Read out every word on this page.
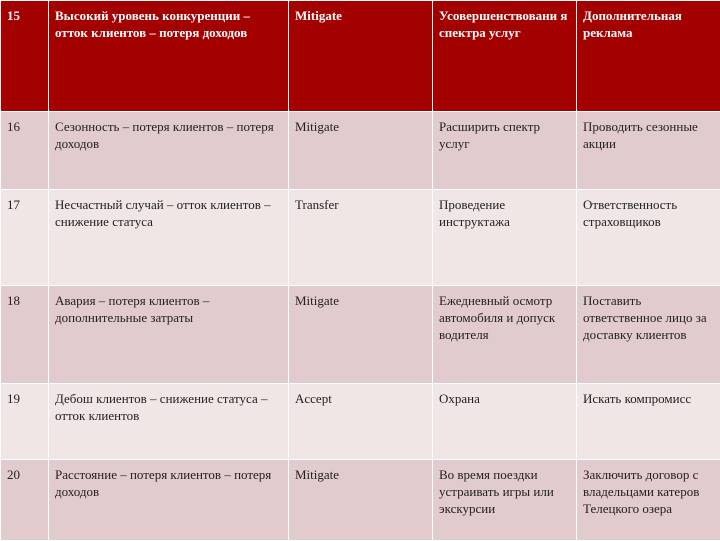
15	Высокий уровень конкуренции – отток клиентов – потеря доходов	Mitigate	Усовершенствовани я спектра услуг	Дополнительная реклама
16	Сезонность – потеря клиентов – потеря доходов	Mitigate	Расширить спектр услуг	Проводить сезонные акции
17	Несчастный случай – отток клиентов – снижение статуса	Transfer	Проведение инструктажа	Ответственность страховщиков
18	Авария – потеря клиентов – дополнительные затраты	Mitigate	Ежедневный осмотр автомобиля и допуск водителя	Поставить ответственное лицо за доставку клиентов
19	Дебош клиентов – снижение статуса – отток клиентов	Accept	Охрана	Искать компромисс
20	Расстояние – потеря клиентов – потеря доходов	Mitigate	Во время поездки устраивать игры или экскурсии	Заключить договор с владельцами катеров Телецкого озера
